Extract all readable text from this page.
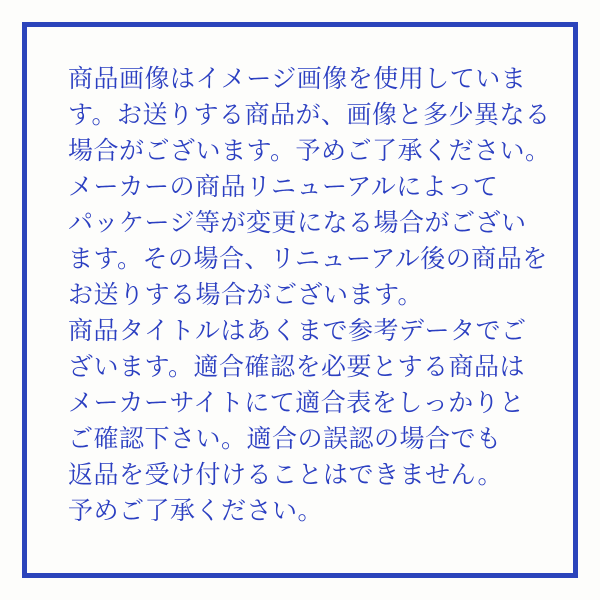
商品画像はイメージ画像を使用していま
す。お送りする商品が、画像と多少異なる
場合がございます。予めご了承ください。
メーカーの商品リニューアルによって
パッケージ等が変更になる場合がござい
ます。その場合、リニューアル後の商品を
お送りする場合がございます。
商品タイトルはあくまで参考データでご
ざいます。適合確認を必要とする商品は
メーカーサイトにて適合表をしっかりと
ご確認下さい。適合の誤認の場合でも
返品を受け付けることはできません。
予めご了承ください。
